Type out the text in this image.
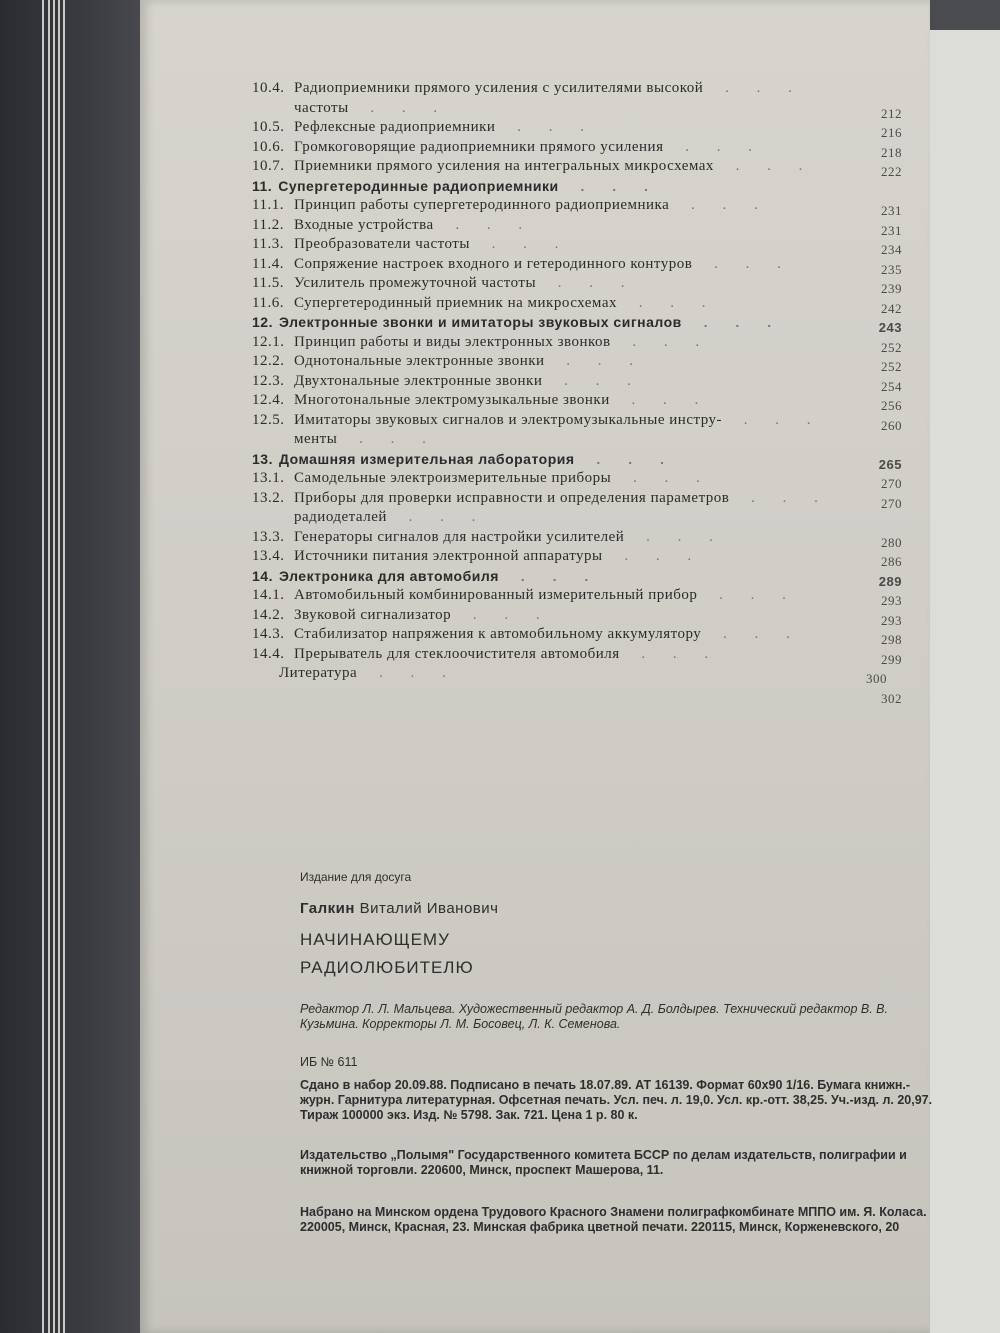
10.4. Радиоприемники прямого усиления с усилителями высокой . . .
частоты . . .	212
10.5. Рефлексные радиоприемники . . .	216
10.6. Громкоговорящие радиоприемники прямого усиления . . .	218
10.7. Приемники прямого усиления на интегральных микросхемах . . .	222
11. Супергетеродинные радиоприемники . . .
11.1. Принцип работы супергетеродинного радиоприемника . . .	231
11.2. Входные устройства . . .	231
11.3. Преобразователи частоты . . .	234
11.4. Сопряжение настроек входного и гетеродинного контуров . . .	235
11.5. Усилитель промежуточной частоты . . .	239
11.6. Супергетеродинный приемник на микросхемах . . .	242
12. Электронные звонки и имитаторы звуковых сигналов . . .	243
12.1. Принцип работы и виды электронных звонков . . .	252
12.2. Однотональные электронные звонки . . .	252
12.3. Двухтональные электронные звонки . . .	254
12.4. Многотональные электромузыкальные звонки . . .	256
12.5. Имитаторы звуковых сигналов и электромузыкальные инстру- . . .	260
менты . . .
13. Домашняя измерительная лаборатория . . .	265
13.1. Самодельные электроизмерительные приборы . . .	270
13.2. Приборы для проверки исправности и определения параметров . . .	270
радиодеталей . . .
13.3. Генераторы сигналов для настройки усилителей . . .	280
13.4. Источники питания электронной аппаратуры . . .	286
14. Электроника для автомобиля . . .	289
14.1. Автомобильный комбинированный измерительный прибор . . .	293
14.2. Звуковой сигнализатор . . .	293
14.3. Стабилизатор напряжения к автомобильному аккумулятору . . .	298
14.4. Прерыватель для стеклоочистителя автомобиля . . .	299
Литература . . .	300
302
Издание для досуга
Галкин Виталий Иванович
НАЧИНАЮЩЕМУ
РАДИОЛЮБИТЕЛЮ
Редактор Л. Л. Мальцева. Художественный редактор А. Д. Болдырев. Технический редактор В. В. Кузьмина. Корректоры Л. М. Босовец, Л. К. Семенова.
ИБ № 611
Сдано в набор 20.09.88. Подписано в печать 18.07.89. АТ 16139. Формат 60х90 1/16. Бумага книжн.-журн. Гарнитура литературная. Офсетная печать. Усл. печ. л. 19,0. Усл. кр.-отт. 38,25. Уч.-изд. л. 20,97. Тираж 100000 экз. Изд. № 5798. Зак. 721. Цена 1 р. 80 к.
Издательство „Полымя" Государственного комитета БССР по делам издательств, полиграфии и книжной торговли. 220600, Минск, проспект Машерова, 11.
Набрано на Минском ордена Трудового Красного Знамени полиграфкомбинате МППО им. Я. Коласа. 220005, Минск, Красная, 23. Минская фабрика цветной печати. 220115, Минск, Корженевского, 20
